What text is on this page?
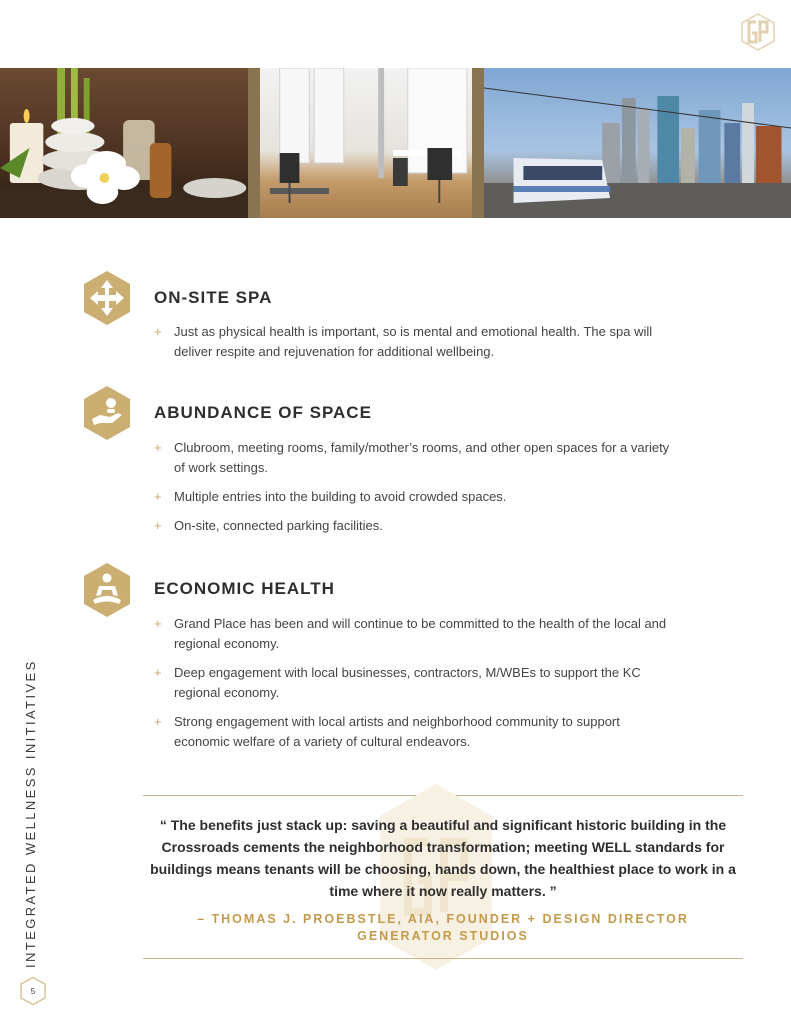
ON-SITE SPA
+ Just as physical health is important, so is mental and emotional health. The spa will deliver respite and rejuvenation for additional wellbeing.
ABUNDANCE OF SPACE
+ Clubroom, meeting rooms, family/mother’s rooms, and other open spaces for a variety of work settings.
+ Multiple entries into the building to avoid crowded spaces.
+ On-site, connected parking facilities.
ECONOMIC HEALTH
+ Grand Place has been and will continue to be committed to the health of the local and regional economy.
+ Deep engagement with local businesses, contractors, M/WBEs to support the KC regional economy.
+ Strong engagement with local artists and neighborhood community to support economic welfare of a variety of cultural endeavors.

“ The benefits just stack up: saving a beautiful and significant historic building in the Crossroads cements the neighborhood transformation; meeting WELL standards for buildings means tenants will be choosing, hands down, the healthiest place to work in a time where it now really matters. ”

– THOMAS J. PROEBSTLE, AIA, FOUNDER + DESIGN DIRECTOR
GENERATOR STUDIOS

INTEGRATED WELLNESS INITIATIVES
5
